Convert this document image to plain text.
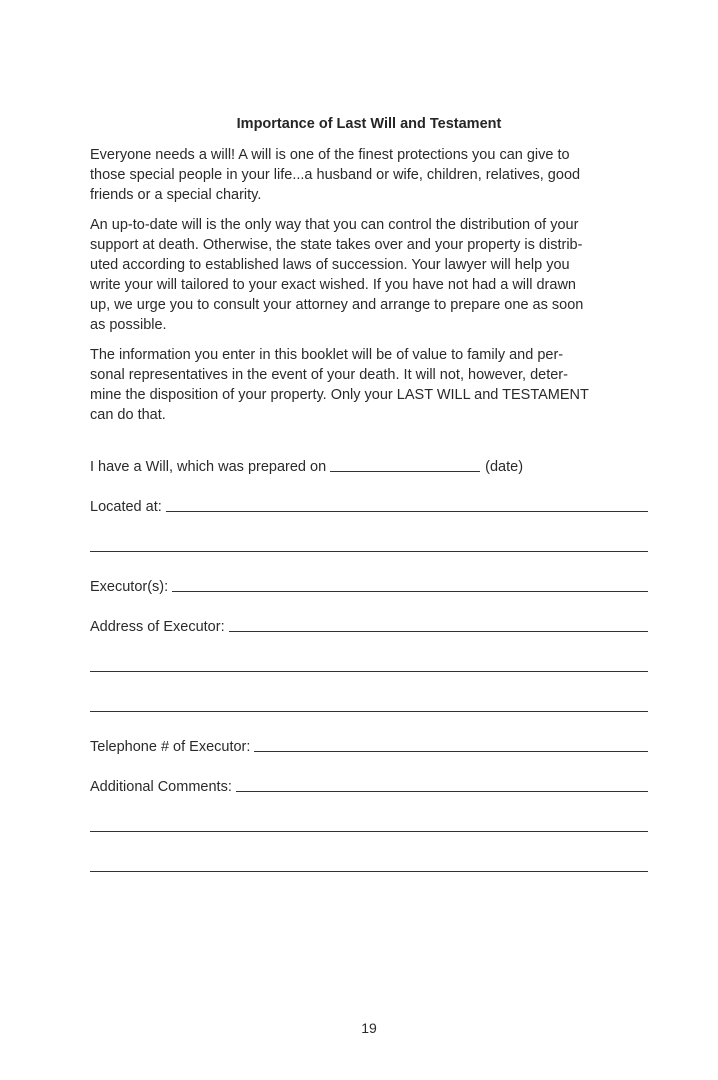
Importance of Last Will and Testament

Everyone needs a will! A will is one of the finest protections you can give to
those special people in your life...a husband or wife, children, relatives, good
friends or a special charity.

An up-to-date will is the only way that you can control the distribution of your
support at death. Otherwise, the state takes over and your property is distrib-
uted according to established laws of succession. Your lawyer will help you
write your will tailored to your exact wished. If you have not had a will drawn
up, we urge you to consult your attorney and arrange to prepare one as soon
as possible.

The information you enter in this booklet will be of value to family and per-
sonal representatives in the event of your death. It will not, however, deter-
mine the disposition of your property. Only your LAST WILL and TESTAMENT
can do that.

I have a Will, which was prepared on	(date)
Located at:
Executor(s):
Address of Executor:
Telephone # of Executor:
Additional Comments:
19
